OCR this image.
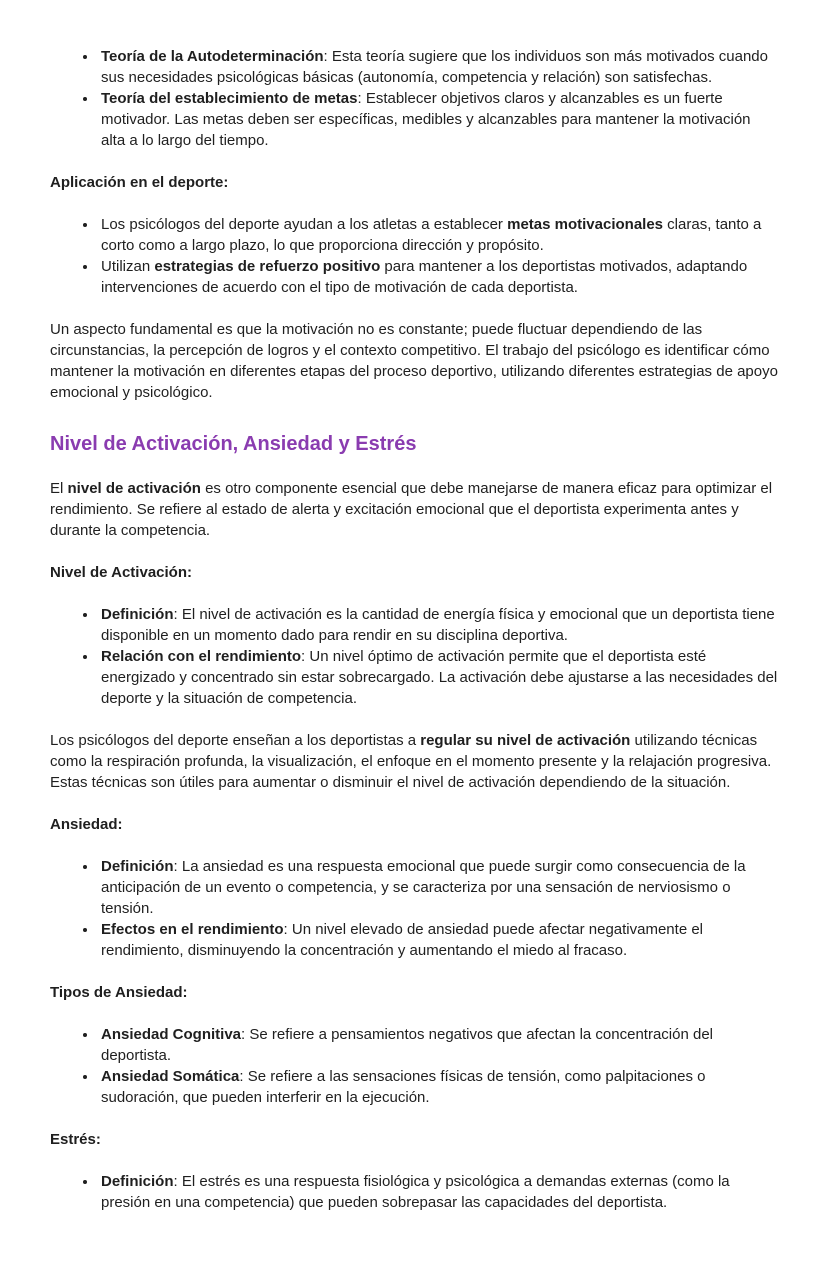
• Teoría de la Autodeterminación: Esta teoría sugiere que los individuos son más motivados cuando sus necesidades psicológicas básicas (autonomía, competencia y relación) son satisfechas.
• Teoría del establecimiento de metas: Establecer objetivos claros y alcanzables es un fuerte motivador. Las metas deben ser específicas, medibles y alcanzables para mantener la motivación alta a lo largo del tiempo.

Aplicación en el deporte:

• Los psicólogos del deporte ayudan a los atletas a establecer metas motivacionales claras, tanto a corto como a largo plazo, lo que proporciona dirección y propósito.
• Utilizan estrategias de refuerzo positivo para mantener a los deportistas motivados, adaptando intervenciones de acuerdo con el tipo de motivación de cada deportista.

Un aspecto fundamental es que la motivación no es constante; puede fluctuar dependiendo de las circunstancias, la percepción de logros y el contexto competitivo. El trabajo del psicólogo es identificar cómo mantener la motivación en diferentes etapas del proceso deportivo, utilizando diferentes estrategias de apoyo emocional y psicológico.

Nivel de Activación, Ansiedad y Estrés

El nivel de activación es otro componente esencial que debe manejarse de manera eficaz para optimizar el rendimiento. Se refiere al estado de alerta y excitación emocional que el deportista experimenta antes y durante la competencia.

Nivel de Activación:

• Definición: El nivel de activación es la cantidad de energía física y emocional que un deportista tiene disponible en un momento dado para rendir en su disciplina deportiva.
• Relación con el rendimiento: Un nivel óptimo de activación permite que el deportista esté energizado y concentrado sin estar sobrecargado. La activación debe ajustarse a las necesidades del deporte y la situación de competencia.

Los psicólogos del deporte enseñan a los deportistas a regular su nivel de activación utilizando técnicas como la respiración profunda, la visualización, el enfoque en el momento presente y la relajación progresiva. Estas técnicas son útiles para aumentar o disminuir el nivel de activación dependiendo de la situación.

Ansiedad:

• Definición: La ansiedad es una respuesta emocional que puede surgir como consecuencia de la anticipación de un evento o competencia, y se caracteriza por una sensación de nerviosismo o tensión.
• Efectos en el rendimiento: Un nivel elevado de ansiedad puede afectar negativamente el rendimiento, disminuyendo la concentración y aumentando el miedo al fracaso.

Tipos de Ansiedad:

• Ansiedad Cognitiva: Se refiere a pensamientos negativos que afectan la concentración del deportista.
• Ansiedad Somática: Se refiere a las sensaciones físicas de tensión, como palpitaciones o sudoración, que pueden interferir en la ejecución.

Estrés:

• Definición: El estrés es una respuesta fisiológica y psicológica a demandas externas (como la presión en una competencia) que pueden sobrepasar las capacidades del deportista.
